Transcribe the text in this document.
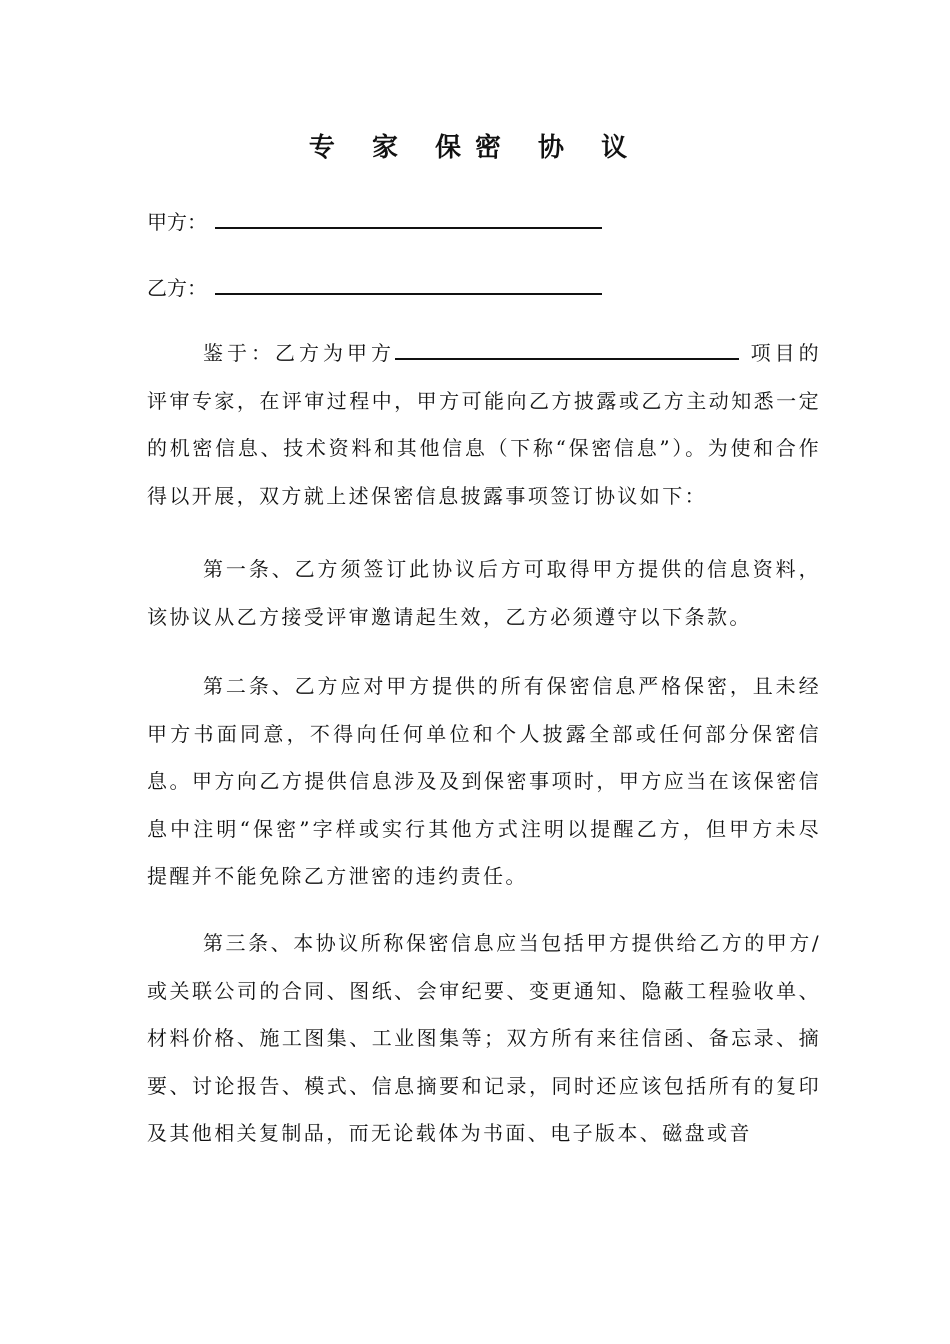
专 家 保密 协 议
甲方：
乙方：

鉴于：乙方为甲方	项目的评审专家，在评审过程中，甲方可能向乙方披露或乙方主动知悉一定的机密信息、技术资料和其他信息（下称“保密信息”）。为使和合作得以开展，双方就上述保密信息披露事项签订协议如下：

第一条、乙方须签订此协议后方可取得甲方提供的信息资料，该协议从乙方接受评审邀请起生效，乙方必须遵守以下条款。

第二条、乙方应对甲方提供的所有保密信息严格保密，且未经甲方书面同意，不得向任何单位和个人披露全部或任何部分保密信息。甲方向乙方提供信息涉及及到保密事项时，甲方应当在该保密信息中注明“保密”字样或实行其他方式注明以提醒乙方，但甲方未尽提醒并不能免除乙方泄密的违约责任。

第三条、本协议所称保密信息应当包括甲方提供给乙方的甲方/或关联公司的合同、图纸、会审纪要、变更通知、隐蔽工程验收单、材料价格、施工图集、工业图集等；双方所有来往信函、备忘录、摘要、讨论报告、模式、信息摘要和记录，同时还应该包括所有的复印及其他相关复制品，而无论载体为书面、电子版本、磁盘或音
